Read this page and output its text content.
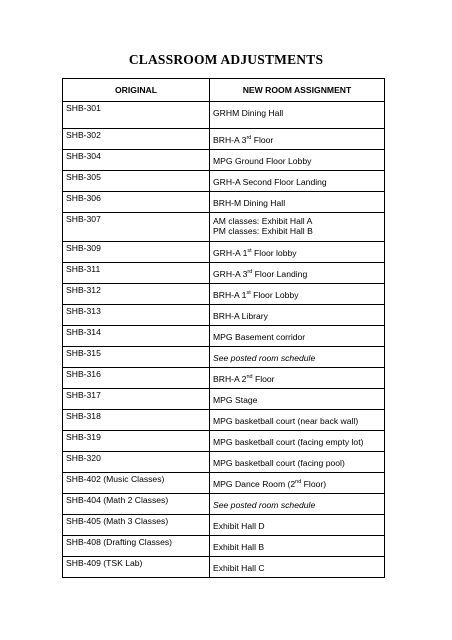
CLASSROOM ADJUSTMENTS
ORIGINAL	NEW ROOM ASSIGNMENT
SHB-301	GRHM Dining Hall
SHB-302	BRH-A 3rd Floor
SHB-304	MPG Ground Floor Lobby
SHB-305	GRH-A Second Floor Landing
SHB-306	BRH-M Dining Hall
SHB-307	AM classes: Exhibit Hall A
PM classes: Exhibit Hall B

SHB-309	GRH-A 1st Floor lobby
SHB-311	GRH-A 3rd Floor Landing
SHB-312	BRH-A 1st Floor Lobby
SHB-313	BRH-A Library
SHB-314	MPG Basement corridor
SHB-315	See posted room schedule
SHB-316	BRH-A 2nd Floor
SHB-317	MPG Stage
SHB-318	MPG basketball court (near back wall)
SHB-319	MPG basketball court (facing empty lot)
SHB-320	MPG basketball court (facing pool)
SHB-402 (Music Classes)	MPG Dance Room (2nd Floor)
SHB-404 (Math 2 Classes)	See posted room schedule
SHB-405 (Math 3 Classes)	Exhibit Hall D
SHB-408 (Drafting Classes)	Exhibit Hall B
SHB-409 (TSK Lab)	Exhibit Hall C
